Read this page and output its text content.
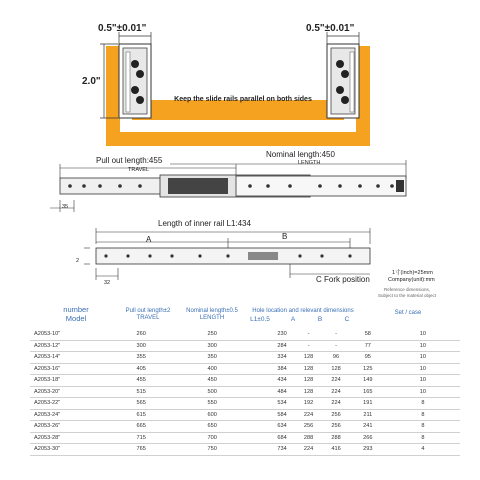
0.5"±0.01"	0.5"±0.01"
2.0"
Keep the slide rails parallel on both sides
Pull out length:455
TRAVEL
Nominal length:450
LENGTH
35
Length of inner rail L1:434
A	B
C Fork position
2
32
1寸(inch)=25mm
Company(unit):mm
Reference dimensions,
Subject to the material object
number
Model
Pull out length±2
TRAVEL
Nominal length±0.5
LENGTH
Hole location and relevant dimensions
L1±0.5	A	B	C
Set / case
A2053-10"	260	250	230	-	-	58	10
A2053-12"	300	300	284	-	-	77	10
A2053-14"	355	350	334	128	96	95	10
A2053-16"	405	400	384	128	128	125	10
A2053-18"	455	450	434	128	224	149	10
A2053-20"	515	500	484	128	224	165	10
A2053-22"	565	550	534	192	224	191	8
A2053-24"	615	600	584	224	256	211	8
A2053-26"	665	650	634	256	256	241	8
A2053-28"	715	700	684	288	288	266	8
A2053-30"	765	750	734	224	416	293	4
